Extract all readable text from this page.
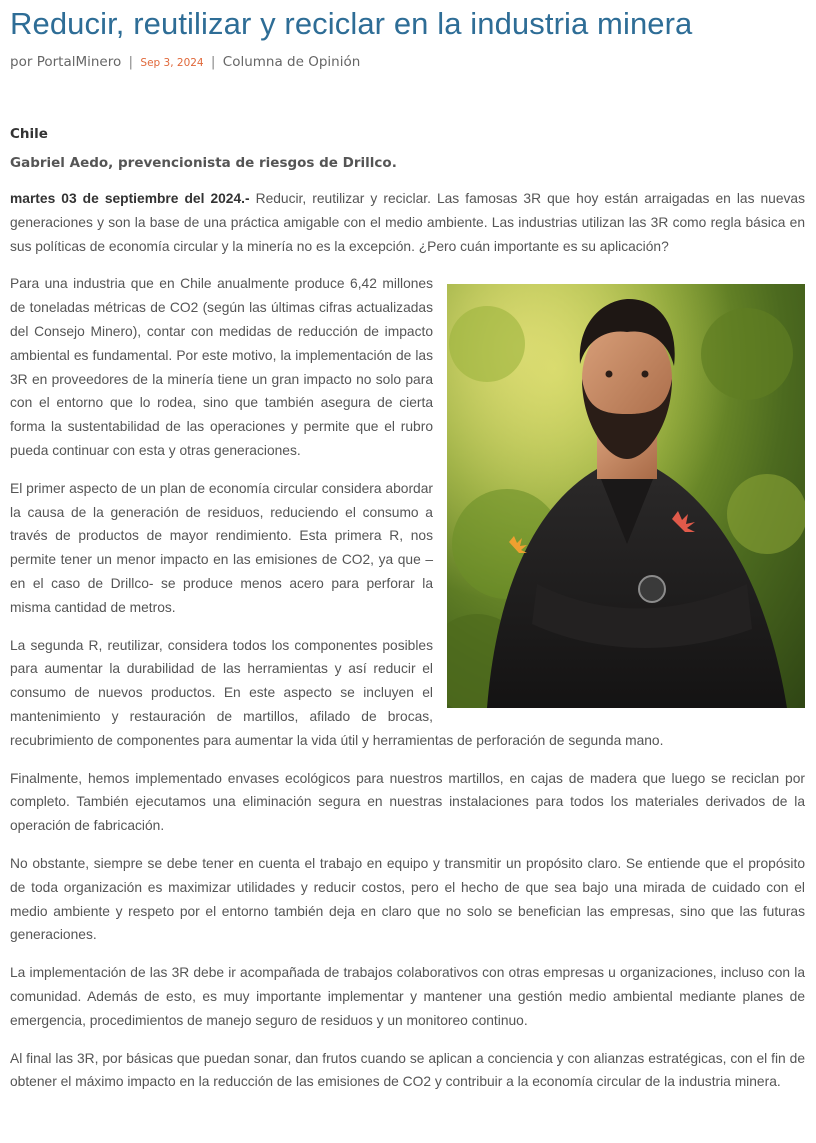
Reducir, reutilizar y reciclar en la industria minera
por PortalMinero | Sep 3, 2024 | Columna de Opinión
Chile
Gabriel Aedo, prevencionista de riesgos de Drillco.

martes 03 de septiembre del 2024.- Reducir, reutilizar y reciclar. Las famosas 3R que hoy están arraigadas en las nuevas generaciones y son la base de una práctica amigable con el medio ambiente. Las industrias utilizan las 3R como regla básica en sus políticas de economía circular y la minería no es la excepción. ¿Pero cuán importante es su aplicación?

Para una industria que en Chile anualmente produce 6,42 millones de toneladas métricas de CO2 (según las últimas cifras actualizadas del Consejo Minero), contar con medidas de reducción de impacto ambiental es fundamental. Por este motivo, la implementación de las 3R en proveedores de la minería tiene un gran impacto no solo para con el entorno que lo rodea, sino que también asegura de cierta forma la sustentabilidad de las operaciones y permite que el rubro pueda continuar con esta y otras generaciones.

El primer aspecto de un plan de economía circular considera abordar la causa de la generación de residuos, reduciendo el consumo a través de productos de mayor rendimiento. Esta primera R, nos permite tener un menor impacto en las emisiones de CO2, ya que – en el caso de Drillco- se produce menos acero para perforar la misma cantidad de metros.

La segunda R, reutilizar, considera todos los componentes posibles para aumentar la durabilidad de las herramientas y así reducir el consumo de nuevos productos. En este aspecto se incluyen el mantenimiento y restauración de martillos, afilado de brocas, recubrimiento de componentes para aumentar la vida útil y herramientas de perforación de segunda mano.

Finalmente, hemos implementado envases ecológicos para nuestros martillos, en cajas de madera que luego se reciclan por completo. También ejecutamos una eliminación segura en nuestras instalaciones para todos los materiales derivados de la operación de fabricación.

No obstante, siempre se debe tener en cuenta el trabajo en equipo y transmitir un propósito claro. Se entiende que el propósito de toda organización es maximizar utilidades y reducir costos, pero el hecho de que sea bajo una mirada de cuidado con el medio ambiente y respeto por el entorno también deja en claro que no solo se benefician las empresas, sino que las futuras generaciones.

La implementación de las 3R debe ir acompañada de trabajos colaborativos con otras empresas u organizaciones, incluso con la comunidad. Además de esto, es muy importante implementar y mantener una gestión medio ambiental mediante planes de emergencia, procedimientos de manejo seguro de residuos y un monitoreo continuo.

Al final las 3R, por básicas que puedan sonar, dan frutos cuando se aplican a conciencia y con alianzas estratégicas, con el fin de obtener el máximo impacto en la reducción de las emisiones de CO2 y contribuir a la economía circular de la industria minera.
